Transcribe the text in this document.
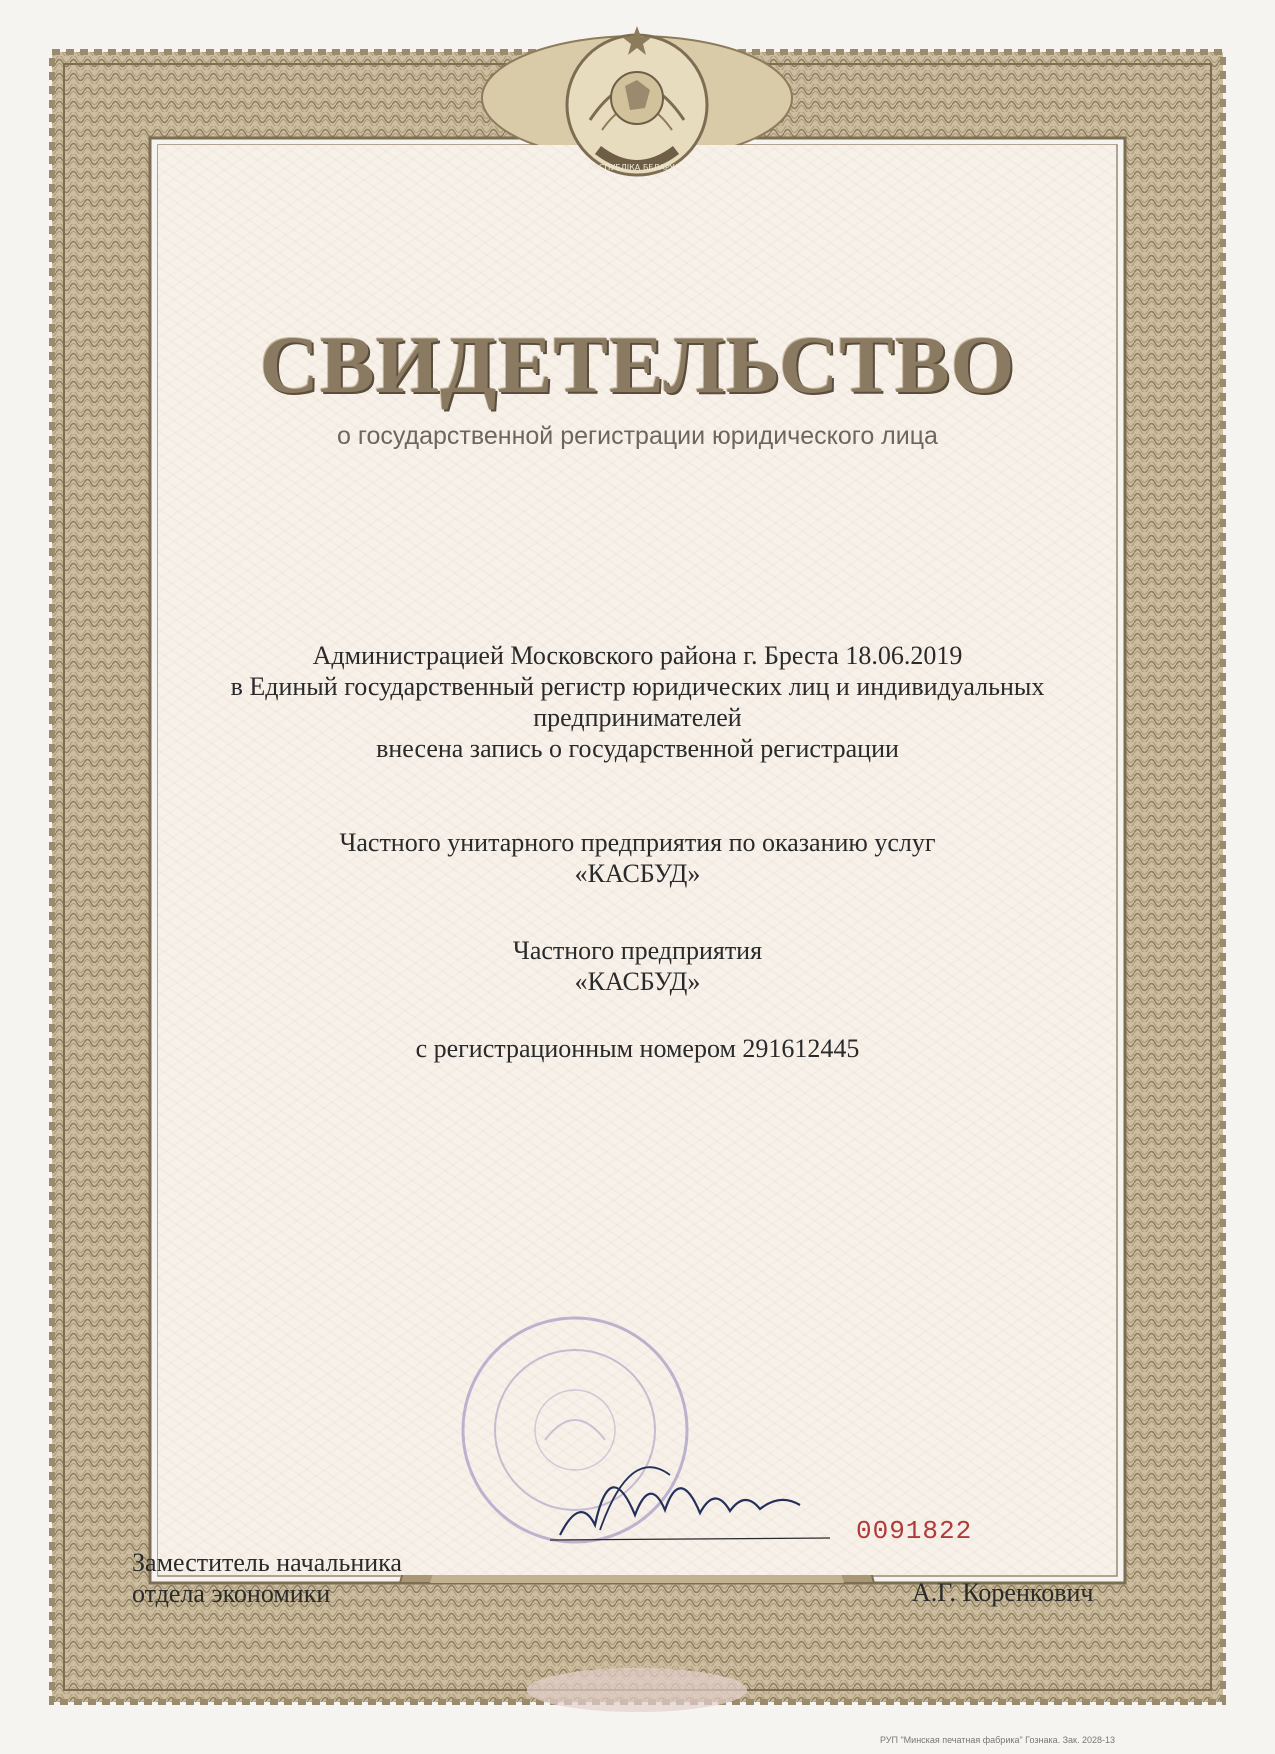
РЭСПУБЛІКА БЕЛАРУСЬ
СВИДЕТЕЛЬСТВО
о государственной регистрации юридического лица
Администрацией Московского района г. Бреста 18.06.2019
в Единый государственный регистр юридических лиц и индивидуальных
предпринимателей
внесена запись о государственной регистрации
Частного унитарного предприятия по оказанию услуг
«КАСБУД»
Частного предприятия
«КАСБУД»
с регистрационным номером 291612445
Заместитель начальника
отдела экономики	А.Г. Коренкович
0091822
РУП "Минская печатная фабрика" Гознака. Зак. 2028-13
